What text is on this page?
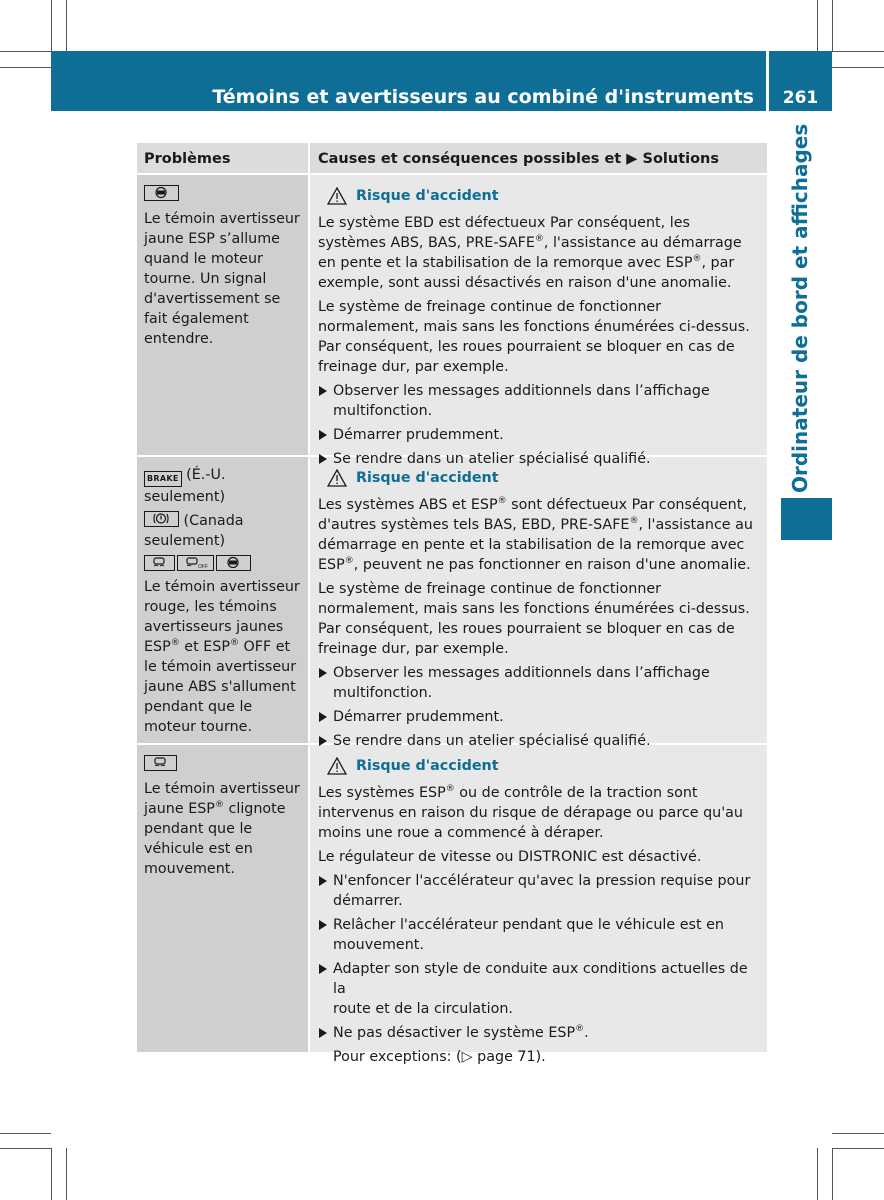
Témoins et avertisseurs au combiné d'instruments	261
Ordinateur de bord et affichages
Problèmes	Causes et conséquences possibles et ▶ Solutions
Le témoin avertisseur jaune ESP s’allume quand le moteur tourne. Un signal d'avertissement se fait également entendre.
Risque d'accident

Le système EBD est défectueux Par conséquent, les systèmes ABS, BAS, PRE-SAFE®, l'assistance au démarrage en pente et la stabilisation de la remorque avec ESP®, par exemple, sont aussi désactivés en raison d'une anomalie.

Le système de freinage continue de fonctionner normalement, mais sans les fonctions énumérées ci-dessus. Par conséquent, les roues pourraient se bloquer en cas de freinage dur, par exemple.

Observer les messages additionnels dans l’affichage
multifonction.
Démarrer prudemment.
Se rendre dans un atelier spécialisé qualifié.
BRAKE (É.-U. seulement)
(Canada
seulement)
OFF
Le témoin avertisseur rouge, les témoins avertisseurs jaunes ESP® et ESP® OFF et le témoin avertisseur jaune ABS s'allument pendant que le moteur tourne.
Risque d'accident

Les systèmes ABS et ESP® sont défectueux Par conséquent, d'autres systèmes tels BAS, EBD, PRE-SAFE®, l'assistance au démarrage en pente et la stabilisation de la remorque avec ESP®, peuvent ne pas fonctionner en raison d'une anomalie.

Le système de freinage continue de fonctionner normalement, mais sans les fonctions énumérées ci-dessus. Par conséquent, les roues pourraient se bloquer en cas de freinage dur, par exemple.

Observer les messages additionnels dans l’affichage
multifonction.
Démarrer prudemment.
Se rendre dans un atelier spécialisé qualifié.
Le témoin avertisseur jaune ESP® clignote pendant que le véhicule est en mouvement.
Risque d'accident

Les systèmes ESP® ou de contrôle de la traction sont intervenus en raison du risque de dérapage ou parce qu'au moins une roue a commencé à déraper.

Le régulateur de vitesse ou DISTRONIC est désactivé.

N'enfoncer l'accélérateur qu'avec la pression requise pour
démarrer.
Relâcher l'accélérateur pendant que le véhicule est en
mouvement.
Adapter son style de conduite aux conditions actuelles de la
route et de la circulation.
Ne pas désactiver le système ESP®.

Pour exceptions: (▷ page 71).
